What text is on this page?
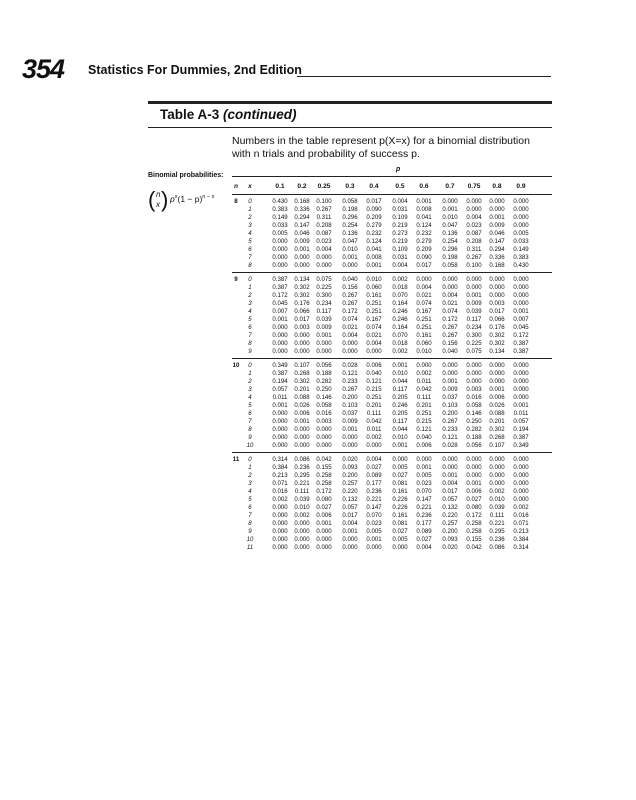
354 Statistics For Dummies, 2nd Edition
Table A-3 (continued)
Numbers in the table represent p(X=x) for a binomial distribution with n trials and probability of success p.
p
Binomial probabilities:
( n
x ) $p^x(1 - p)^{n - x}$
n	x	0.1	0.2	0.25	0.3	0.4	0.5	0.6	0.7	0.75	0.8	0.9
8	0	0.430	0.168	0.100	0.058	0.017	0.004	0.001	0.000	0.000	0.000	0.000
1	0.383	0.336	0.267	0.198	0.090	0.031	0.008	0.001	0.000	0.000	0.000
2	0.149	0.294	0.311	0.296	0.209	0.109	0.041	0.010	0.004	0.001	0.000
3	0.033	0.147	0.208	0.254	0.279	0.219	0.124	0.047	0.023	0.009	0.000
4	0.005	0.046	0.087	0.136	0.232	0.273	0.232	0.136	0.087	0.046	0.005
5	0.000	0.009	0.023	0.047	0.124	0.219	0.279	0.254	0.208	0.147	0.033
6	0.000	0.001	0.004	0.010	0.041	0.109	0.209	0.296	0.311	0.294	0.149
7	0.000	0.000	0.000	0.001	0.008	0.031	0.090	0.198	0.267	0.336	0.383
8	0.000	0.000	0.000	0.000	0.001	0.004	0.017	0.058	0.100	0.168	0.430
9	0	0.387	0.134	0.075	0.040	0.010	0.002	0.000	0.000	0.000	0.000	0.000
1	0.387	0.302	0.225	0.156	0.060	0.018	0.004	0.000	0.000	0.000	0.000
2	0.172	0.302	0.300	0.267	0.161	0.070	0.021	0.004	0.001	0.000	0.000
3	0.045	0.176	0.234	0.267	0.251	0.164	0.074	0.021	0.009	0.003	0.000
4	0.007	0.066	0.117	0.172	0.251	0.246	0.167	0.074	0.039	0.017	0.001
5	0.001	0.017	0.039	0.074	0.167	0.246	0.251	0.172	0.117	0.066	0.007
6	0.000	0.003	0.009	0.021	0.074	0.164	0.251	0.267	0.234	0.176	0.045
7	0.000	0.000	0.001	0.004	0.021	0.070	0.161	0.267	0.300	0.302	0.172
8	0.000	0.000	0.000	0.000	0.004	0.018	0.060	0.156	0.225	0.302	0.387
9	0.000	0.000	0.000	0.000	0.000	0.002	0.010	0.040	0.075	0.134	0.387
10	0	0.349	0.107	0.056	0.028	0.006	0.001	0.000	0.000	0.000	0.000	0.000
1	0.387	0.268	0.188	0.121	0.040	0.010	0.002	0.000	0.000	0.000	0.000
2	0.194	0.302	0.282	0.233	0.121	0.044	0.011	0.001	0.000	0.000	0.000
3	0.057	0.201	0.250	0.267	0.215	0.117	0.042	0.009	0.003	0.001	0.000
4	0.011	0.088	0.146	0.200	0.251	0.205	0.111	0.037	0.016	0.006	0.000
5	0.001	0.026	0.058	0.103	0.201	0.246	0.201	0.103	0.058	0.026	0.001
6	0.000	0.006	0.016	0.037	0.111	0.205	0.251	0.200	0.146	0.088	0.011
7	0.000	0.001	0.003	0.009	0.042	0.117	0.215	0.267	0.250	0.201	0.057
8	0.000	0.000	0.000	0.001	0.011	0.044	0.121	0.233	0.282	0.302	0.194
9	0.000	0.000	0.000	0.000	0.002	0.010	0.040	0.121	0.188	0.268	0.387
10	0.000	0.000	0.000	0.000	0.000	0.001	0.006	0.028	0.056	0.107	0.349
11	0	0.314	0.086	0.042	0.020	0.004	0.000	0.000	0.000	0.000	0.000	0.000
1	0.384	0.236	0.155	0.093	0.027	0.005	0.001	0.000	0.000	0.000	0.000
2	0.213	0.295	0.258	0.200	0.089	0.027	0.005	0.001	0.000	0.000	0.000
3	0.071	0.221	0.258	0.257	0.177	0.081	0.023	0.004	0.001	0.000	0.000
4	0.016	0.111	0.172	0.220	0.236	0.161	0.070	0.017	0.006	0.002	0.000
5	0.002	0.039	0.080	0.132	0.221	0.226	0.147	0.057	0.027	0.010	0.000
6	0.000	0.010	0.027	0.057	0.147	0.226	0.221	0.132	0.080	0.039	0.002
7	0.000	0.002	0.006	0.017	0.070	0.161	0.236	0.220	0.172	0.111	0.016
8	0.000	0.000	0.001	0.004	0.023	0.081	0.177	0.257	0.258	0.221	0.071
9	0.000	0.000	0.000	0.001	0.005	0.027	0.089	0.200	0.258	0.295	0.213
10	0.000	0.000	0.000	0.000	0.001	0.005	0.027	0.093	0.155	0.236	0.384
11	0.000	0.000	0.000	0.000	0.000	0.000	0.004	0.020	0.042	0.086	0.314
